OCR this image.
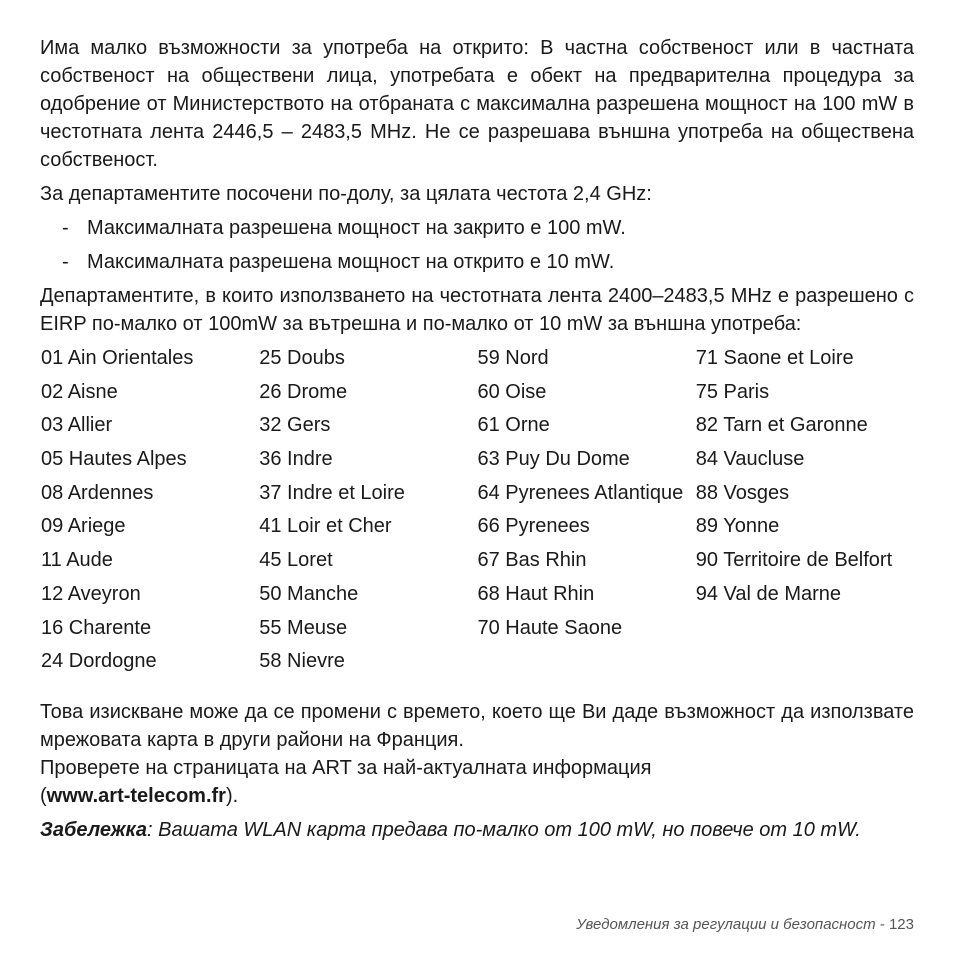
Има малко възможности за употреба на открито: В частна собственост или в частната собственост на обществени лица, употребата е обект на предварителна процедура за одобрение от Министерството на отбраната с максимална разрешена мощност на 100 mW в честотната лента 2446,5 – 2483,5 MHz. Не се разрешава външна употреба на обществена собственост.

За департаментите посочени по-долу, за цялата честота 2,4 GHz:

- Максималната разрешена мощност на закрито е 100 mW.
- Максималната разрешена мощност на открито е 10 mW.

Департаментите, в които използването на честотната лента 2400–2483,5 MHz е разрешено с EIRP по-малко от 100mW за вътрешна и по-малко от 10 mW за външна употреба:

01 Ain Orientales
02 Aisne
03 Allier
05 Hautes Alpes
08 Ardennes
09 Ariege
11 Aude
12 Aveyron
16 Charente
24 Dordogne
25 Doubs
26 Drome
32 Gers
36 Indre
37 Indre et Loire
41 Loir et Cher
45 Loret
50 Manche
55 Meuse
58 Nievre
59 Nord
60 Oise
61 Orne
63 Puy Du Dome
64 Pyrenees Atlantique
66 Pyrenees
67 Bas Rhin
68 Haut Rhin
70 Haute Saone
71 Saone et Loire
75 Paris
82 Tarn et Garonne
84 Vaucluse
88 Vosges
89 Yonne
90 Territoire de Belfort
94 Val de Marne

Това изискване може да се промени с времето, което ще Ви даде възможност да използвате мрежовата карта в други райони на Франция.

Проверете на страницата на ART за най-актуалната информация

(www.art-telecom.fr).

Забележка: Вашата WLAN карта предава по-малко от 100 mW, но повече от 10 mW.

Уведомления за регулации и безопасност - 123
